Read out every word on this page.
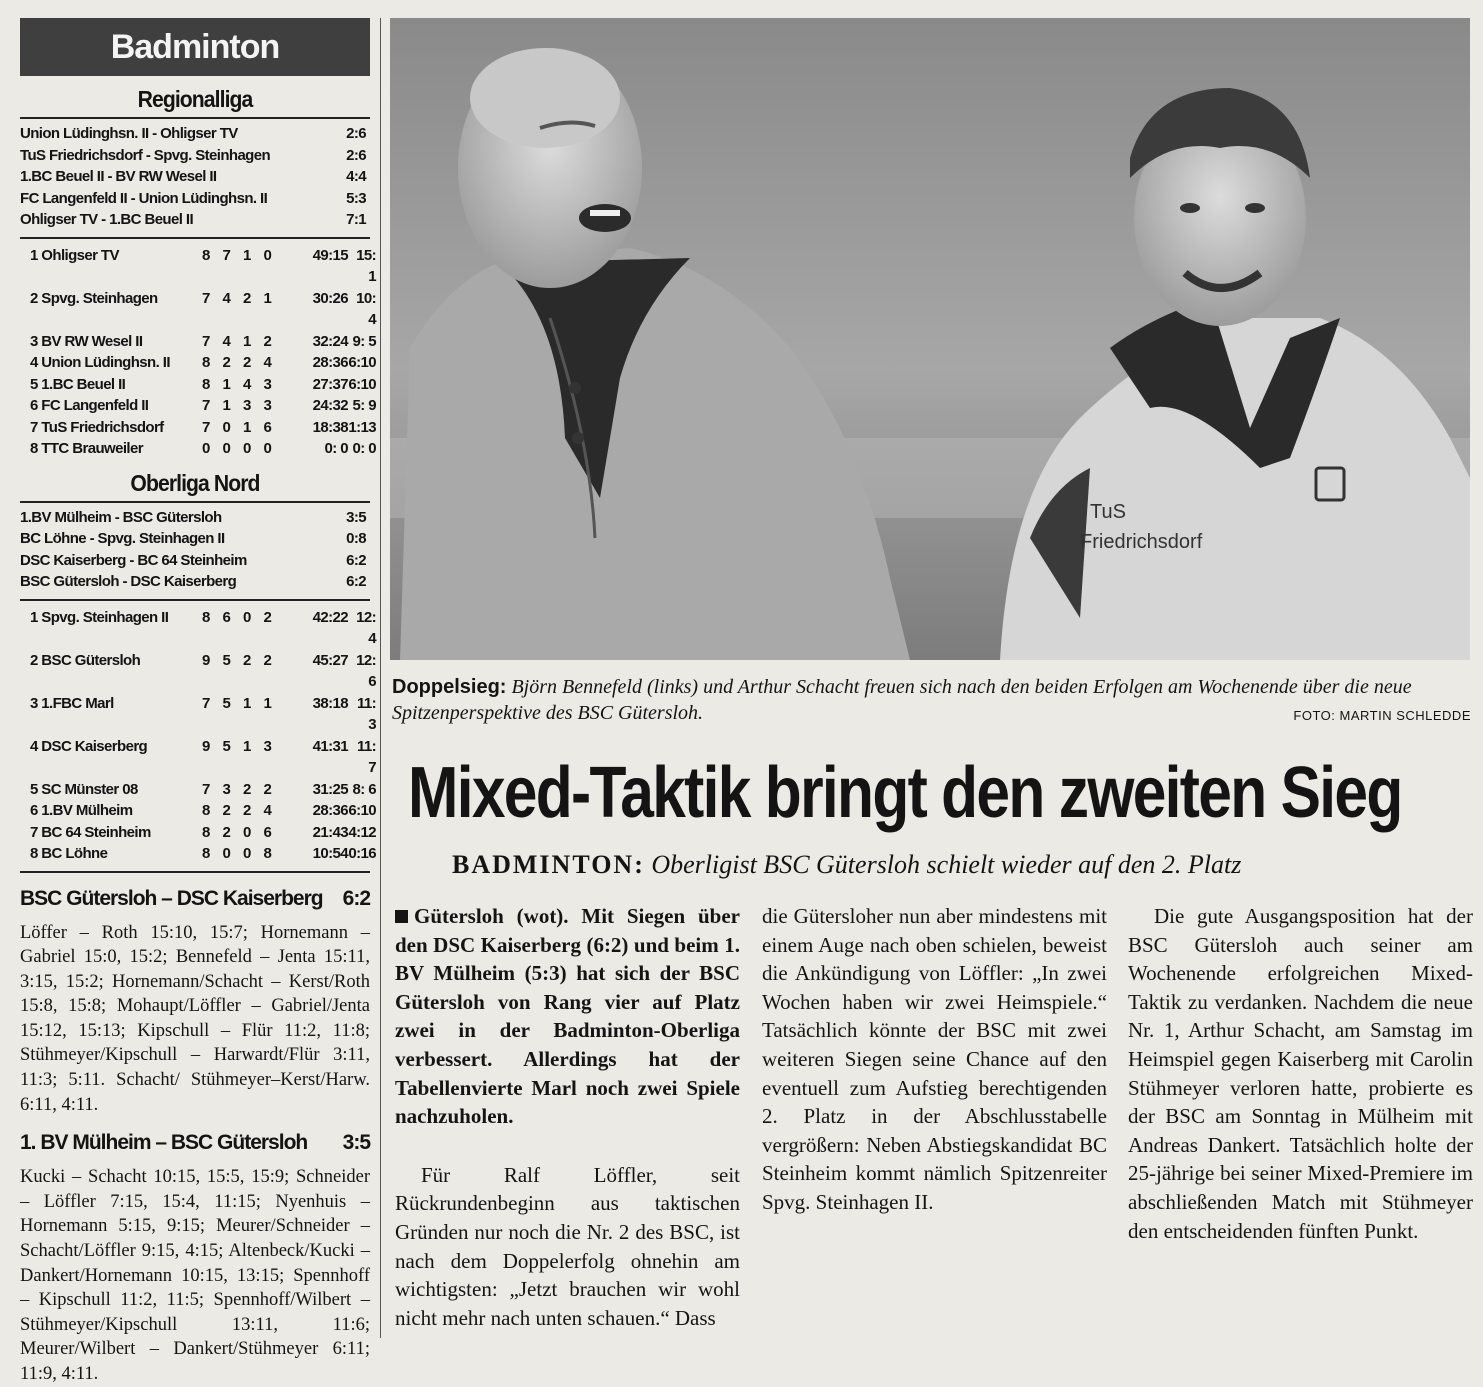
Badminton
Regionalliga
Union Lüdinghsn. II - Ohligser TV	2:6
TuS Friedrichsdorf - Spvg. Steinhagen	2:6
1.BC Beuel II - BV RW Wesel II	4:4
FC Langenfeld II - Union Lüdinghsn. II	5:3
Ohligser TV - 1.BC Beuel II	7:1
1 Ohligser TV	8 7 1 0	49:15 15: 1
2 Spvg. Steinhagen	7 4 2 1	30:26 10: 4
3 BV RW Wesel II	7 4 1 2	32:24 9: 5
4 Union Lüdinghsn. II	8 2 2 4	28:36 6:10
5 1.BC Beuel II	8 1 4 3	27:37 6:10
6 FC Langenfeld II	7 1 3 3	24:32 5: 9
7 TuS Friedrichsdorf	7 0 1 6	18:38 1:13
8 TTC Brauweiler	0 0 0 0	0: 0 0: 0
Oberliga Nord
1.BV Mülheim - BSC Gütersloh	3:5
BC Löhne - Spvg. Steinhagen II	0:8
DSC Kaiserberg - BC 64 Steinheim	6:2
BSC Gütersloh - DSC Kaiserberg	6:2
1 Spvg. Steinhagen II	8 6 0 2	42:22 12: 4
2 BSC Gütersloh	9 5 2 2	45:27 12: 6
3 1.FBC Marl	7 5 1 1	38:18 11: 3
4 DSC Kaiserberg	9 5 1 3	41:31 11: 7
5 SC Münster 08	7 3 2 2	31:25 8: 6
6 1.BV Mülheim	8 2 2 4	28:36 6:10
7 BC 64 Steinheim	8 2 0 6	21:43 4:12
8 BC Löhne	8 0 0 8	10:54 0:16
BSC Gütersloh – DSC Kaiserberg 6:2

Löffer – Roth 15:10, 15:7; Hornemann – Gabriel 15:0, 15:2; Bennefeld – Jenta 15:11, 3:15, 15:2; Hornemann/Schacht – Kerst/Roth 15:8, 15:8; Mohaupt/Löffler – Gabriel/Jenta 15:12, 15:13; Kipschull – Flür 11:2, 11:8; Stühmeyer/Kipschull – Harwardt/Flür 3:11, 11:3; 5:11. Schacht/ Stühmeyer–Kerst/Harw. 6:11, 4:11.

1. BV Mülheim – BSC Gütersloh 3:5

Kucki – Schacht 10:15, 15:5, 15:9; Schneider – Löffler 7:15, 15:4, 11:15; Nyenhuis – Hornemann 5:15, 9:15; Meurer/Schneider – Schacht/Löffler 9:15, 4:15; Altenbeck/Kucki – Dankert/Hornemann 10:15, 13:15; Spennhoff – Kipschull 11:2, 11:5; Spennhoff/Wilbert – Stühmeyer/Kipschull 13:11, 11:6; Meurer/Wilbert – Dankert/Stühmeyer 6:11; 11:9, 4:11.

TuS
Friedrichsdorf
Doppelsieg: Björn Bennefeld (links) und Arthur Schacht freuen sich nach den beiden Erfolgen am Wochenende über die neue Spitzenperspektive des BSC Gütersloh.	FOTO: MARTIN SCHLEDDE
Mixed-Taktik bringt den zweiten Sieg
BADMINTON: Oberligist BSC Gütersloh schielt wieder auf den 2. Platz

Gütersloh (wot). Mit Siegen über den DSC Kaiserberg (6:2) und beim 1. BV Mülheim (5:3) hat sich der BSC Gütersloh von Rang vier auf Platz zwei in der Badminton-Oberliga verbessert. Allerdings hat der Tabellenvierte Marl noch zwei Spiele nachzuholen.

Für Ralf Löffler, seit Rückrundenbeginn aus taktischen Gründen nur noch die Nr. 2 des BSC, ist nach dem Doppelerfolg ohnehin am wichtigsten: „Jetzt brauchen wir wohl nicht mehr nach unten schauen.“ Dass

die Gütersloher nun aber mindestens mit einem Auge nach oben schielen, beweist die Ankündigung von Löffler: „In zwei Wochen haben wir zwei Heimspiele.“ Tatsächlich könnte der BSC mit zwei weiteren Siegen seine Chance auf den eventuell zum Aufstieg berechtigenden 2. Platz in der Abschlusstabelle vergrößern: Neben Abstiegskandidat BC Steinheim kommt nämlich Spitzenreiter Spvg. Steinhagen II.

Die gute Ausgangsposition hat der BSC Gütersloh auch seiner am Wochenende erfolgreichen Mixed-Taktik zu verdanken. Nachdem die neue Nr. 1, Arthur Schacht, am Samstag im Heimspiel gegen Kaiserberg mit Carolin Stühmeyer verloren hatte, probierte es der BSC am Sonntag in Mülheim mit Andreas Dankert. Tatsächlich holte der 25-jährige bei seiner Mixed-Premiere im abschließenden Match mit Stühmeyer den entscheidenden fünften Punkt.
